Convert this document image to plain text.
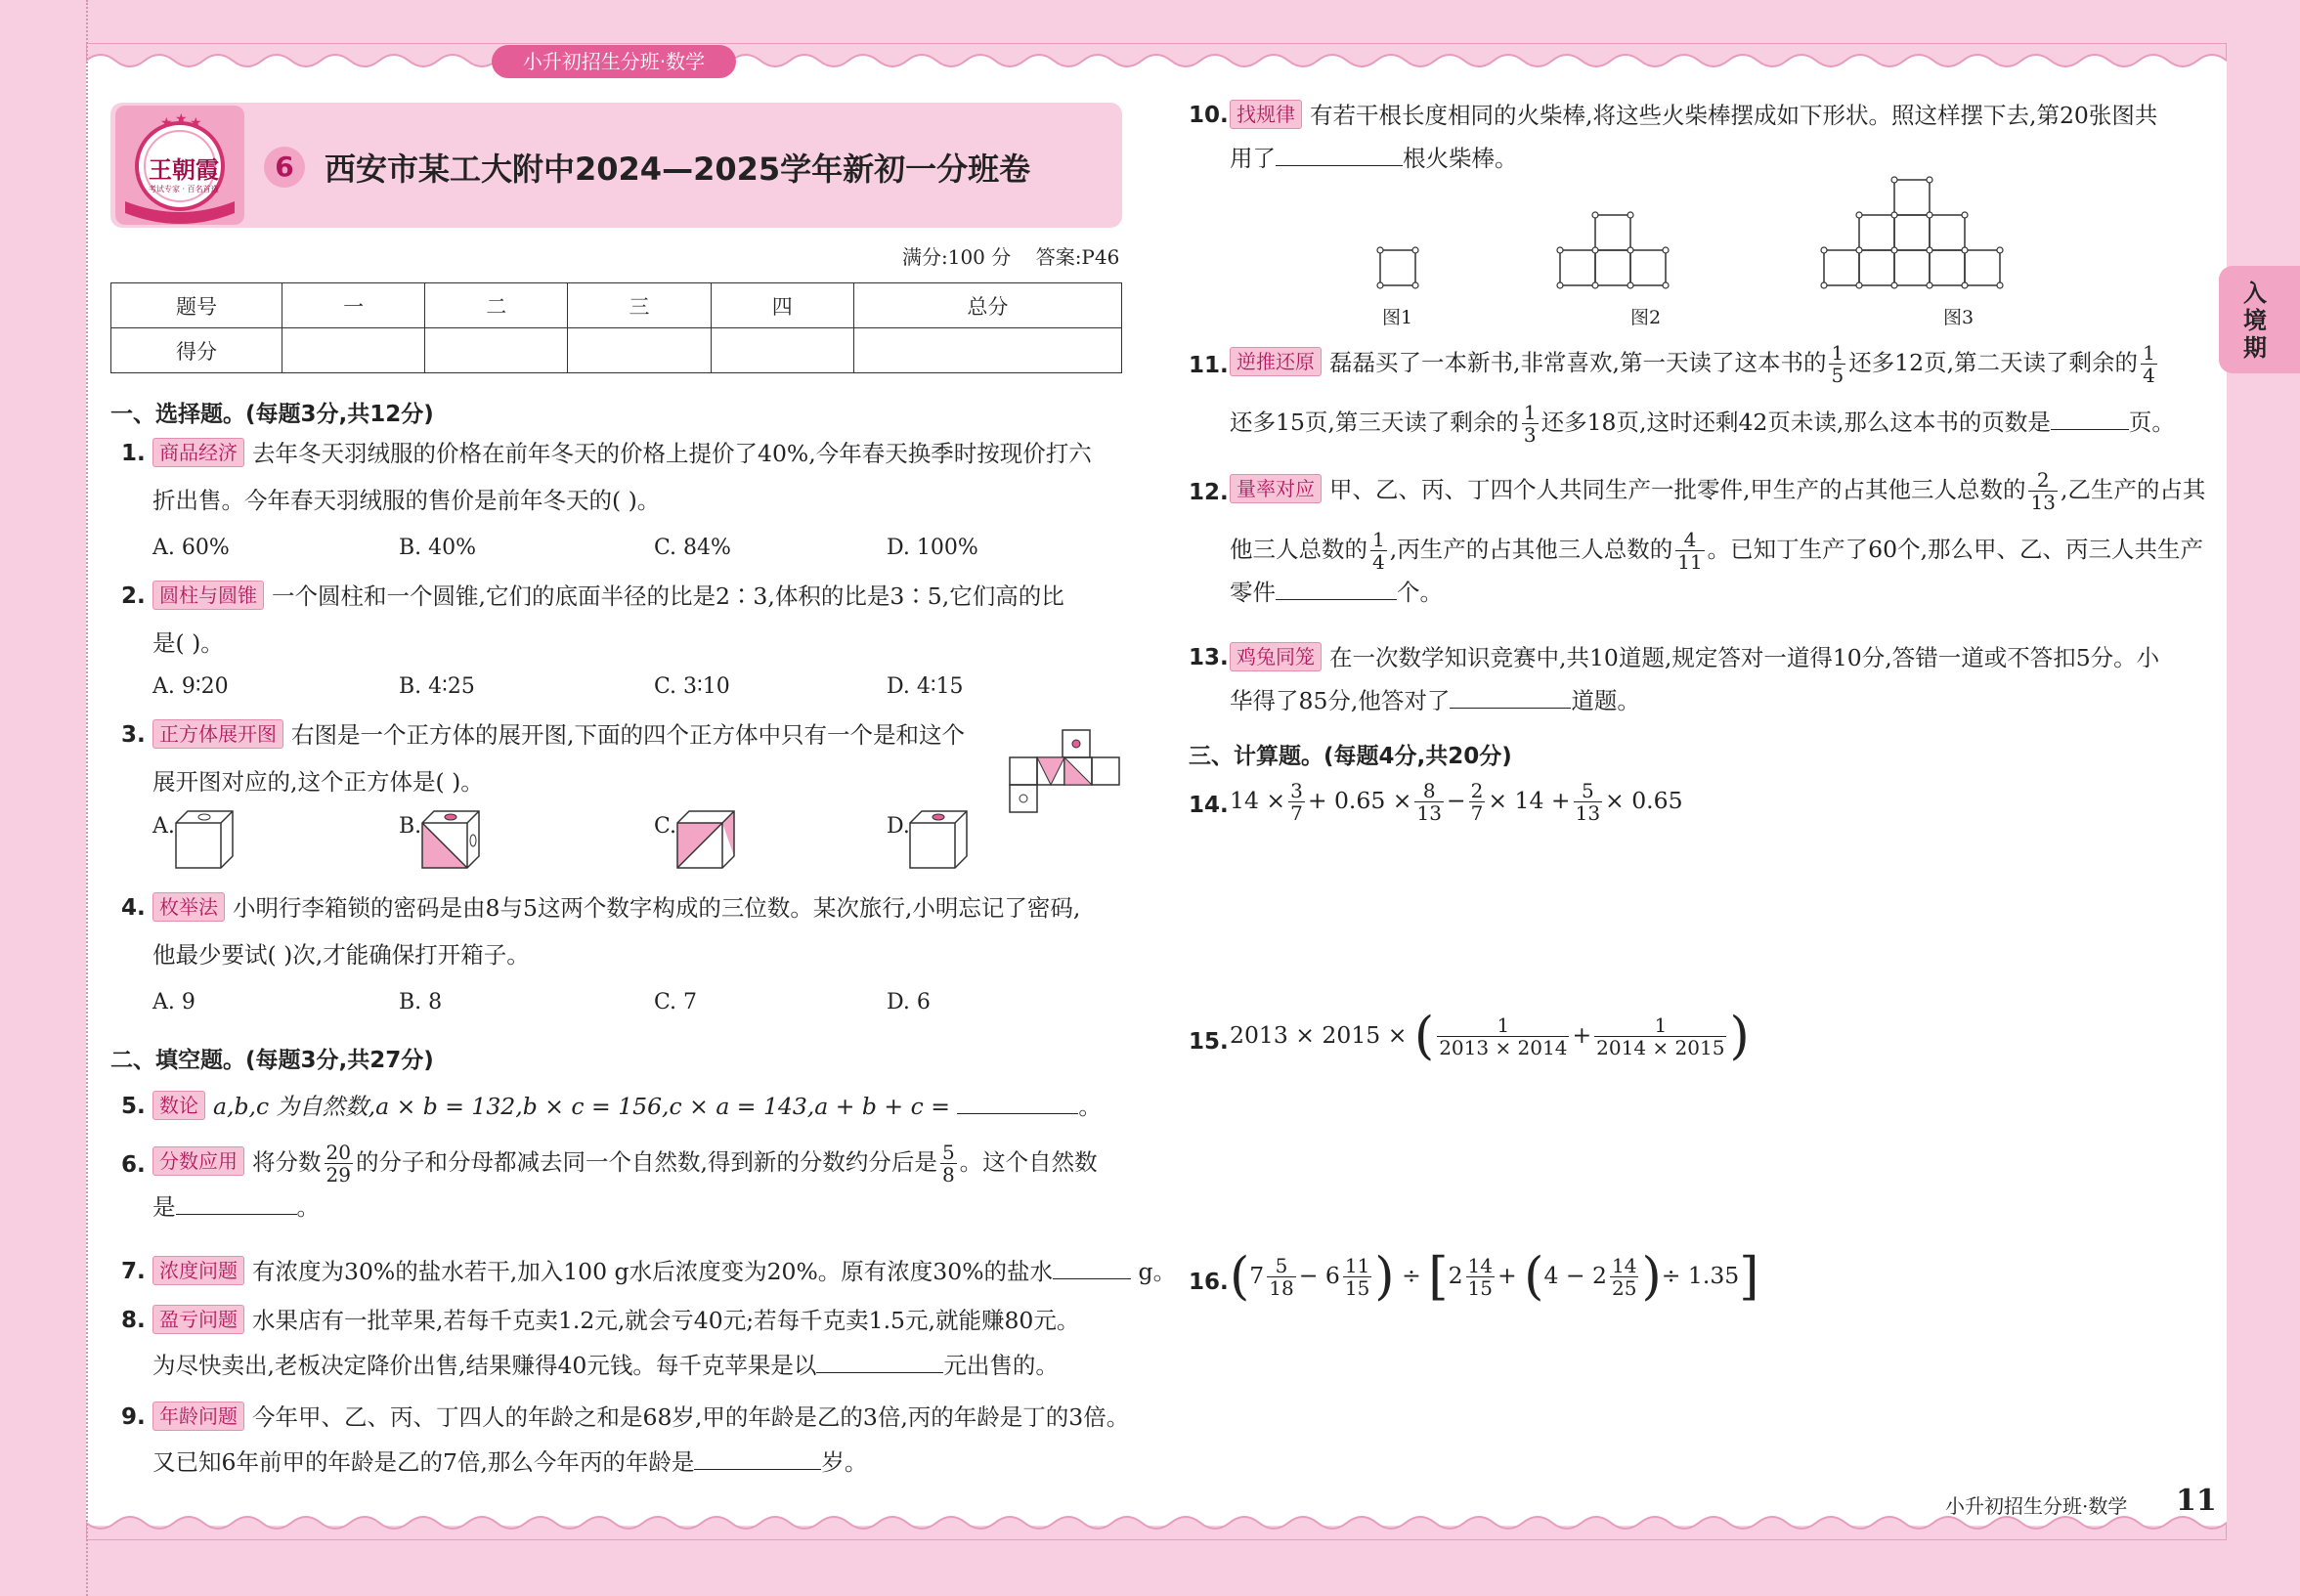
小升初招生分班·数学
★ ★ ★
王朝霞
考试专家 · 百名首选
6 西安市某工大附中2024—2025学年新初一分班卷
满分:100 分    答案:P46
题号	一	二	三	四	总分
得分					
一、选择题。(每题3分,共12分)
1. 商品经济 去年冬天羽绒服的价格在前年冬天的价格上提价了40%,今年春天换季时按现价打六
折出售。今年春天羽绒服的售价是前年冬天的( )。
A. 60%	B. 40%	C. 84%	D. 100%
2. 圆柱与圆锥 一个圆柱和一个圆锥,它们的底面半径的比是2∶3,体积的比是3∶5,它们高的比
是( )。
A. 9∶20	B. 4∶25	C. 3∶10	D. 4∶15
3. 正方体展开图 右图是一个正方体的展开图,下面的四个正方体中只有一个是和这个
展开图对应的,这个正方体是( )。
A.	B.	C.	D.
4. 枚举法 小明行李箱锁的密码是由8与5这两个数字构成的三位数。某次旅行,小明忘记了密码,
他最少要试( )次,才能确保打开箱子。
A. 9	B. 8	C. 7	D. 6
二、填空题。(每题3分,共27分)
5. 数论 a,b,c 为自然数,a × b = 132,b × c = 156,c × a = 143,a + b + c =	。
6. 分数应用 将分数 $\frac{20}{29}$ 的分子和分母都减去同一个自然数,得到新的分数约分后是 $\frac{5}{8}$ 。这个自然数
是	。
7. 浓度问题 有浓度为30%的盐水若干,加入100 g水后浓度变为20%。原有浓度30%的盐水	g。
8. 盈亏问题 水果店有一批苹果,若每千克卖1.2元,就会亏40元;若每千克卖1.5元,就能赚80元。
为尽快卖出,老板决定降价出售,结果赚得40元钱。每千克苹果是以	元出售的。
9. 年龄问题 今年甲、乙、丙、丁四人的年龄之和是68岁,甲的年龄是乙的3倍,丙的年龄是丁的3倍。
又已知6年前甲的年龄是乙的7倍,那么今年丙的年龄是	岁。
10. 找规律 有若干根长度相同的火柴棒,将这些火柴棒摆成如下形状。照这样摆下去,第20张图共
用了	根火柴棒。
图1	图2	图3
11. 逆推还原 磊磊买了一本新书,非常喜欢,第一天读了这本书的 $\frac{1}{5}$ 还多12页,第二天读了剩余的 $\frac{1}{4}$
还多15页,第三天读了剩余的 $\frac{1}{3}$ 还多18页,这时还剩42页未读,那么这本书的页数是	页。
12. 量率对应 甲、乙、丙、丁四个人共同生产一批零件,甲生产的占其他三人总数的 $\frac{2}{13}$ ,乙生产的占其
他三人总数的 $\frac{1}{4}$ ,丙生产的占其他三人总数的 $\frac{4}{11}$ 。已知丁生产了60个,那么甲、乙、丙三人共生产
零件	个。
13. 鸡兔同笼 在一次数学知识竞赛中,共10道题,规定答对一道得10分,答错一道或不答扣5分。小
华得了85分,他答对了	道题。
三、计算题。(每题4分,共20分)
14. $14 \times \frac{3}{7} + 0.65 \times \frac{8}{13} - \frac{2}{7} \times 14 + \frac{5}{13} \times 0.65$
15. 2013 × 2015 × ( $\frac{1}{2013 \times 2014} + \frac{1}{2014 \times 2015}$ )
16. ($7 \frac{5}{18} - 6 \frac{11}{15}$ ) ÷ [$2 \frac{14}{15} + (4 - 2 \frac{14}{25}$ )÷ 1.35]
入境期
小升初招生分班·数学 11
